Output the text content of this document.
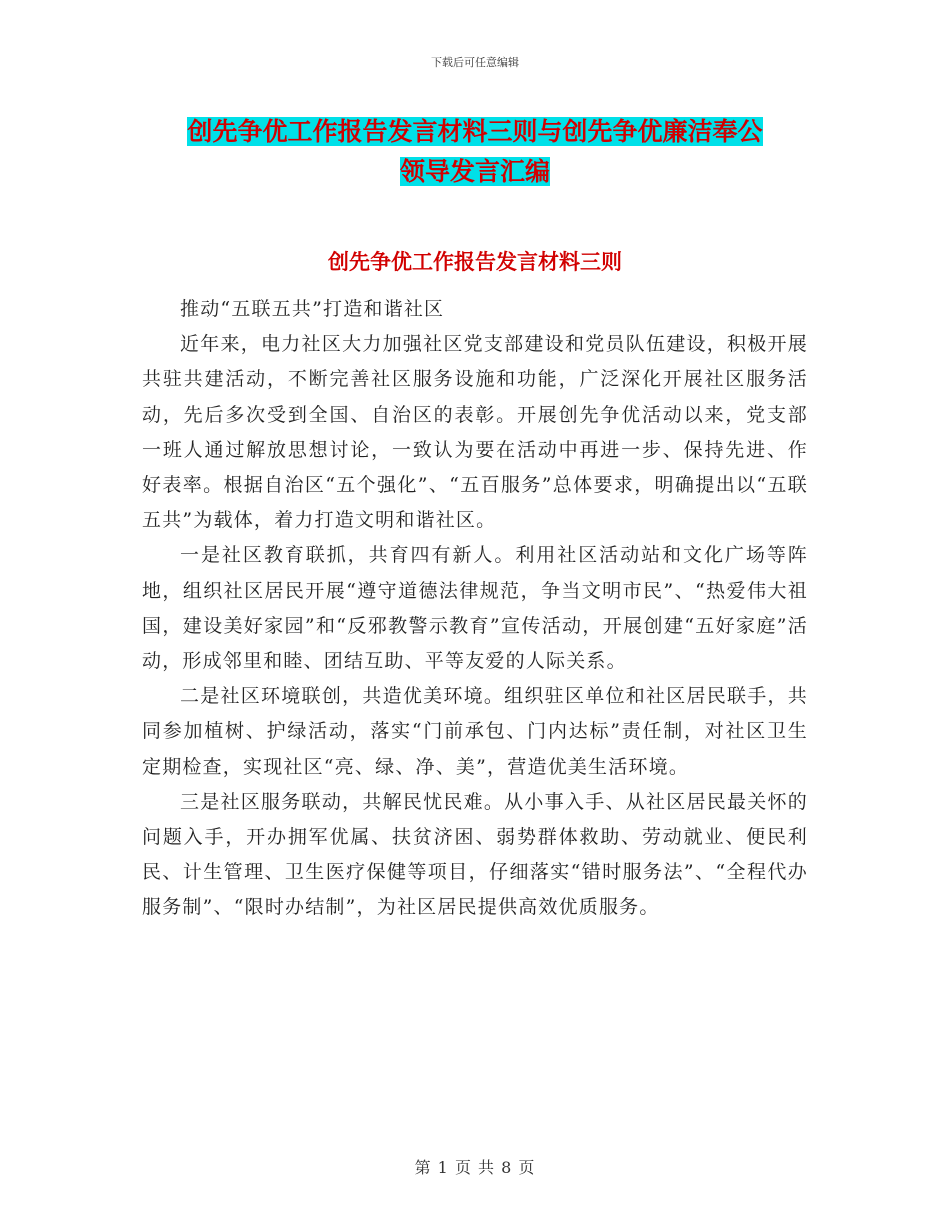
下载后可任意编辑
创先争优工作报告发言材料三则与创先争优廉洁奉公
领导发言汇编
创先争优工作报告发言材料三则

推动“五联五共”打造和谐社区

近年来，电力社区大力加强社区党支部建设和党员队伍建设，积极开展共驻共建活动，不断完善社区服务设施和功能，广泛深化开展社区服务活动，先后多次受到全国、自治区的表彰。开展创先争优活动以来，党支部一班人通过解放思想讨论，一致认为要在活动中再进一步、保持先进、作好表率。根据自治区“五个强化”、“五百服务”总体要求，明确提出以“五联五共”为载体，着力打造文明和谐社区。

一是社区教育联抓，共育四有新人。利用社区活动站和文化广场等阵地，组织社区居民开展“遵守道德法律规范，争当文明市民”、“热爱伟大祖国，建设美好家园”和“反邪教警示教育”宣传活动，开展创建“五好家庭”活动，形成邻里和睦、团结互助、平等友爱的人际关系。

二是社区环境联创，共造优美环境。组织驻区单位和社区居民联手，共同参加植树、护绿活动，落实“门前承包、门内达标”责任制，对社区卫生定期检查，实现社区“亮、绿、净、美”，营造优美生活环境。

三是社区服务联动，共解民忧民难。从小事入手、从社区居民最关怀的问题入手，开办拥军优属、扶贫济困、弱势群体救助、劳动就业、便民利民、计生管理、卫生医疗保健等项目，仔细落实“错时服务法”、“全程代办服务制”、“限时办结制”，为社区居民提供高效优质服务。

第 1 页 共 8 页
